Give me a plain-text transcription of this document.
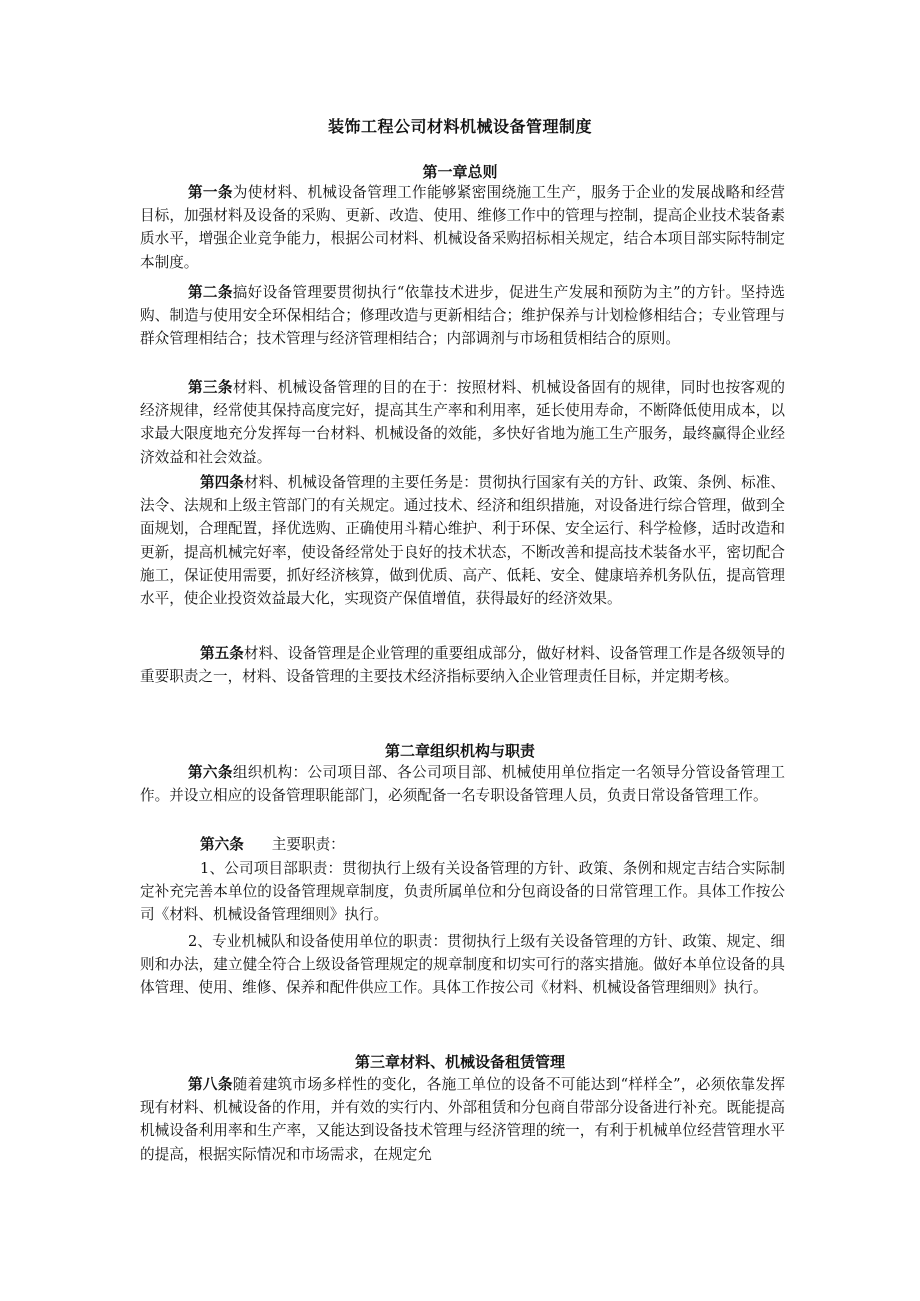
装饰工程公司材料机械设备管理制度
第一章总则
第一条为使材料、机械设备管理工作能够紧密围绕施工生产，服务于企业的发展战略和经营目标，加强材料及设备的采购、更新、改造、使用、维修工作中的管理与控制，提高企业技术装备素质水平，增强企业竞争能力，根据公司材料、机械设备采购招标相关规定，结合本项目部实际特制定本制度。
第二条搞好设备管理要贯彻执行“依靠技术进步，促进生产发展和预防为主”的方针。坚持选购、制造与使用安全环保相结合；修理改造与更新相结合；维护保养与计划检修相结合；专业管理与群众管理相结合；技术管理与经济管理相结合；内部调剂与市场租赁相结合的原则。
第三条材料、机械设备管理的目的在于：按照材料、机械设备固有的规律，同时也按客观的经济规律，经常使其保持高度完好，提高其生产率和利用率，延长使用寿命，不断降低使用成本，以求最大限度地充分发挥每一台材料、机械设备的效能，多快好省地为施工生产服务，最终赢得企业经济效益和社会效益。
第四条材料、机械设备管理的主要任务是：贯彻执行国家有关的方针、政策、条例、标准、法令、法规和上级主管部门的有关规定。通过技术、经济和组织措施，对设备进行综合管理，做到全面规划，合理配置，择优选购、正确使用斗精心维护、利于环保、安全运行、科学检修，适时改造和更新，提高机械完好率，使设备经常处于良好的技术状态，不断改善和提高技术装备水平，密切配合施工，保证使用需要，抓好经济核算，做到优质、高产、低耗、安全、健康培养机务队伍，提高管理水平，使企业投资效益最大化，实现资产保值增值，获得最好的经济效果。
第五条材料、设备管理是企业管理的重要组成部分，做好材料、设备管理工作是各级领导的重要职责之一，材料、设备管理的主要技术经济指标要纳入企业管理责任目标，并定期考核。
第二章组织机构与职责
第六条组织机构：公司项目部、各公司项目部、机械使用单位指定一名领导分管设备管理工作。并设立相应的设备管理职能部门，必须配备一名专职设备管理人员，负责日常设备管理工作。
第六条 主要职责：
1、公司项目部职责：贯彻执行上级有关设备管理的方针、政策、条例和规定吉结合实际制定补充完善本单位的设备管理规章制度，负责所属单位和分包商设备的日常管理工作。具体工作按公司《材料、机械设备管理细则》执行。
2、专业机械队和设备使用单位的职责：贯彻执行上级有关设备管理的方针、政策、规定、细则和办法，建立健全符合上级设备管理规定的规章制度和切实可行的落实措施。做好本单位设备的具体管理、使用、维修、保养和配件供应工作。具体工作按公司《材料、机械设备管理细则》执行。
第三章材料、机械设备租赁管理
第八条随着建筑市场多样性的变化，各施工单位的设备不可能达到“样样全”，必须依靠发挥现有材料、机械设备的作用，并有效的实行内、外部租赁和分包商自带部分设备进行补充。既能提高机械设备利用率和生产率，又能达到设备技术管理与经济管理的统一，有利于机械单位经营管理水平的提高，根据实际情况和市场需求，在规定允
